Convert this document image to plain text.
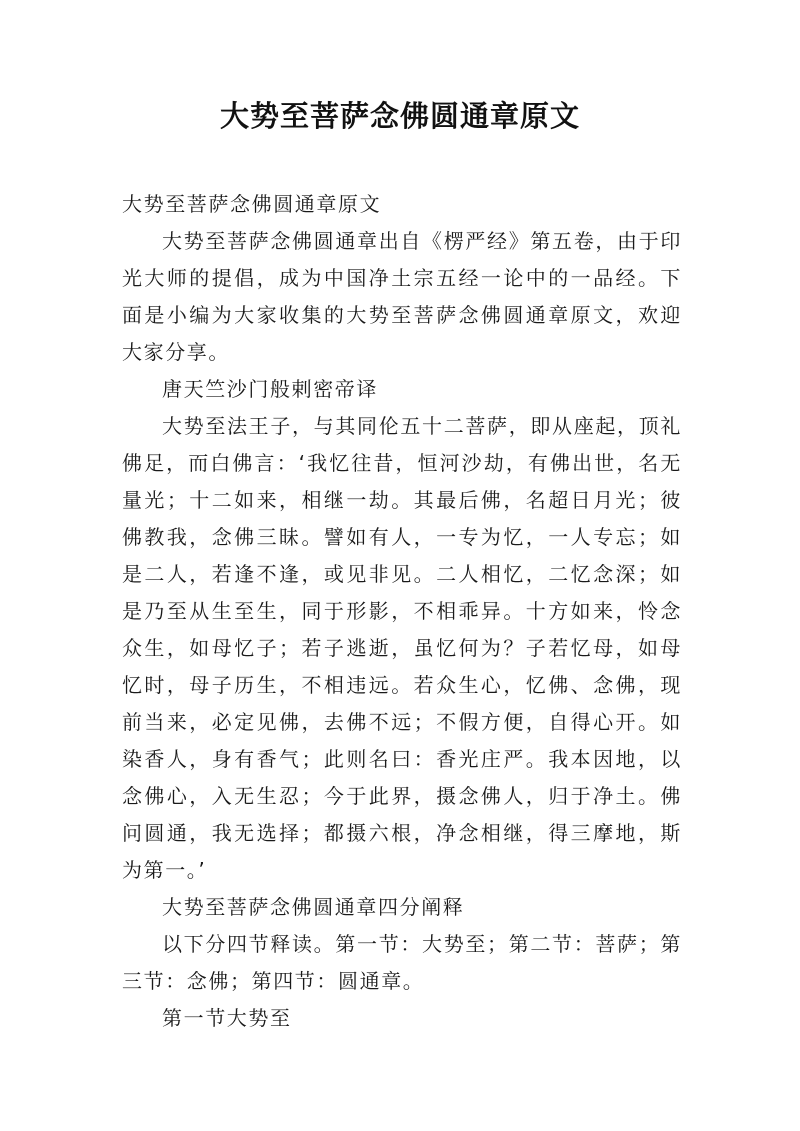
大势至菩萨念佛圆通章原文

大势至菩萨念佛圆通章原文

大势至菩萨念佛圆通章出自《楞严经》第五卷，由于印光大师的提倡，成为中国净土宗五经一论中的一品经。下面是小编为大家收集的大势至菩萨念佛圆通章原文，欢迎大家分享。

唐天竺沙门般剌密帝译

大势至法王子，与其同伦五十二菩萨，即从座起，顶礼佛足，而白佛言：‘我忆往昔，恒河沙劫，有佛出世，名无量光；十二如来，相继一劫。其最后佛，名超日月光；彼佛教我，念佛三昧。譬如有人，一专为忆，一人专忘；如是二人，若逢不逢，或见非见。二人相忆，二忆念深；如是乃至从生至生，同于形影，不相乖异。十方如来，怜念众生，如母忆子；若子逃逝，虽忆何为？子若忆母，如母忆时，母子历生，不相违远。若众生心，忆佛、念佛，现前当来，必定见佛，去佛不远；不假方便，自得心开。如染香人，身有香气；此则名曰：香光庄严。我本因地，以念佛心，入无生忍；今于此界，摄念佛人，归于净土。佛问圆通，我无选择；都摄六根，净念相继，得三摩地，斯为第一。’

大势至菩萨念佛圆通章四分阐释

以下分四节释读。第一节：大势至；第二节：菩萨；第三节：念佛；第四节：圆通章。

第一节大势至
